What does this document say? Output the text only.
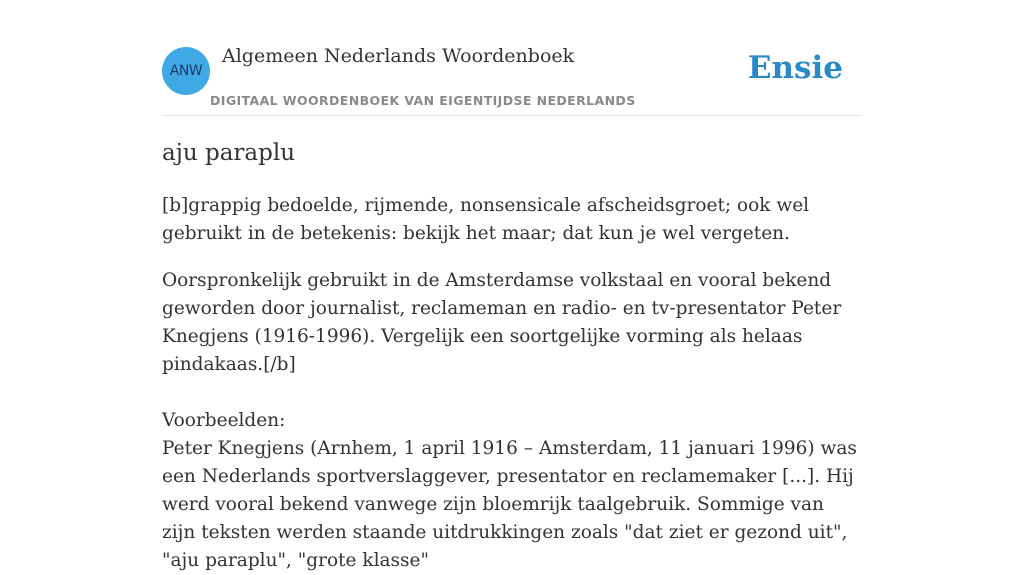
ANW
Algemeen Nederlands Woordenboek
DIGITAAL WOORDENBOEK VAN EIGENTIJDSE NEDERLANDS
Ensie
aju paraplu

[b]grappig bedoelde, rijmende, nonsensicale afscheidsgroet; ook wel gebruikt in de betekenis: bekijk het maar; dat kun je wel vergeten.

Oorspronkelijk gebruikt in de Amsterdamse volkstaal en vooral bekend geworden door journalist, reclameman en radio- en tv-presentator Peter Knegjens (1916-1996). Vergelijk een soortgelijke vorming als helaas pindakaas.[/b]
Voorbeelden:
Peter Knegjens (Arnhem, 1 april 1916 – Amsterdam, 11 januari 1996) was een Nederlands sportverslaggever, presentator en reclamemaker [...]. Hij werd vooral bekend vanwege zijn bloemrijk taalgebruik. Sommige van zijn teksten werden staande uitdrukkingen zoals "dat ziet er gezond uit", "aju paraplu", "grote klasse"
